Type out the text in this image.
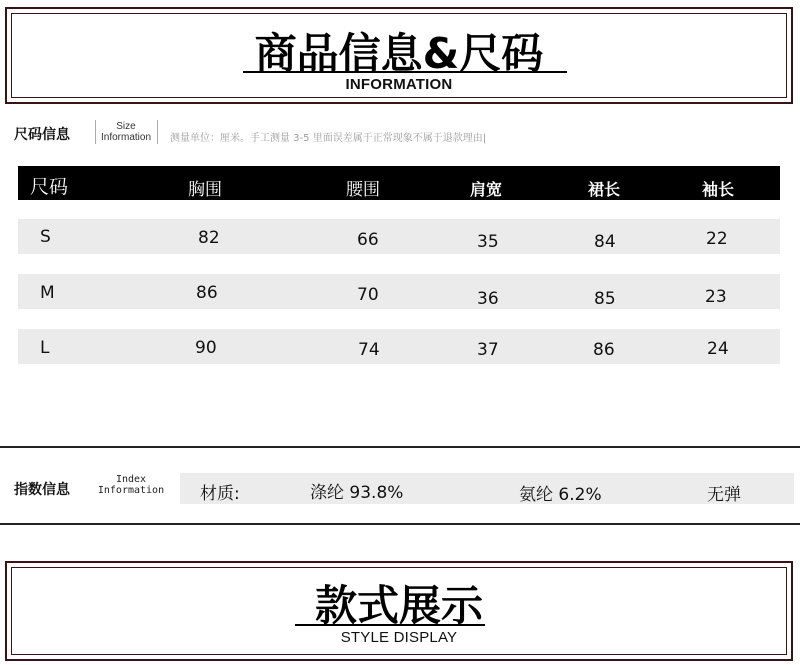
商品信息&尺码
INFORMATION
尺码信息
Size
Information 测量单位：厘米。手工测量 3-5 里面误差属于正常现象不属于退款理由|
尺码	胸围	腰围	肩宽	裙长	袖长
S	82	66	35	84	22
M	86	70	36	85	23
L	90	74	37	86	24
指数信息
Index
Information	材质:	涤纶 93.8%	氨纶 6.2%	无弹
款式展示
STYLE DISPLAY
